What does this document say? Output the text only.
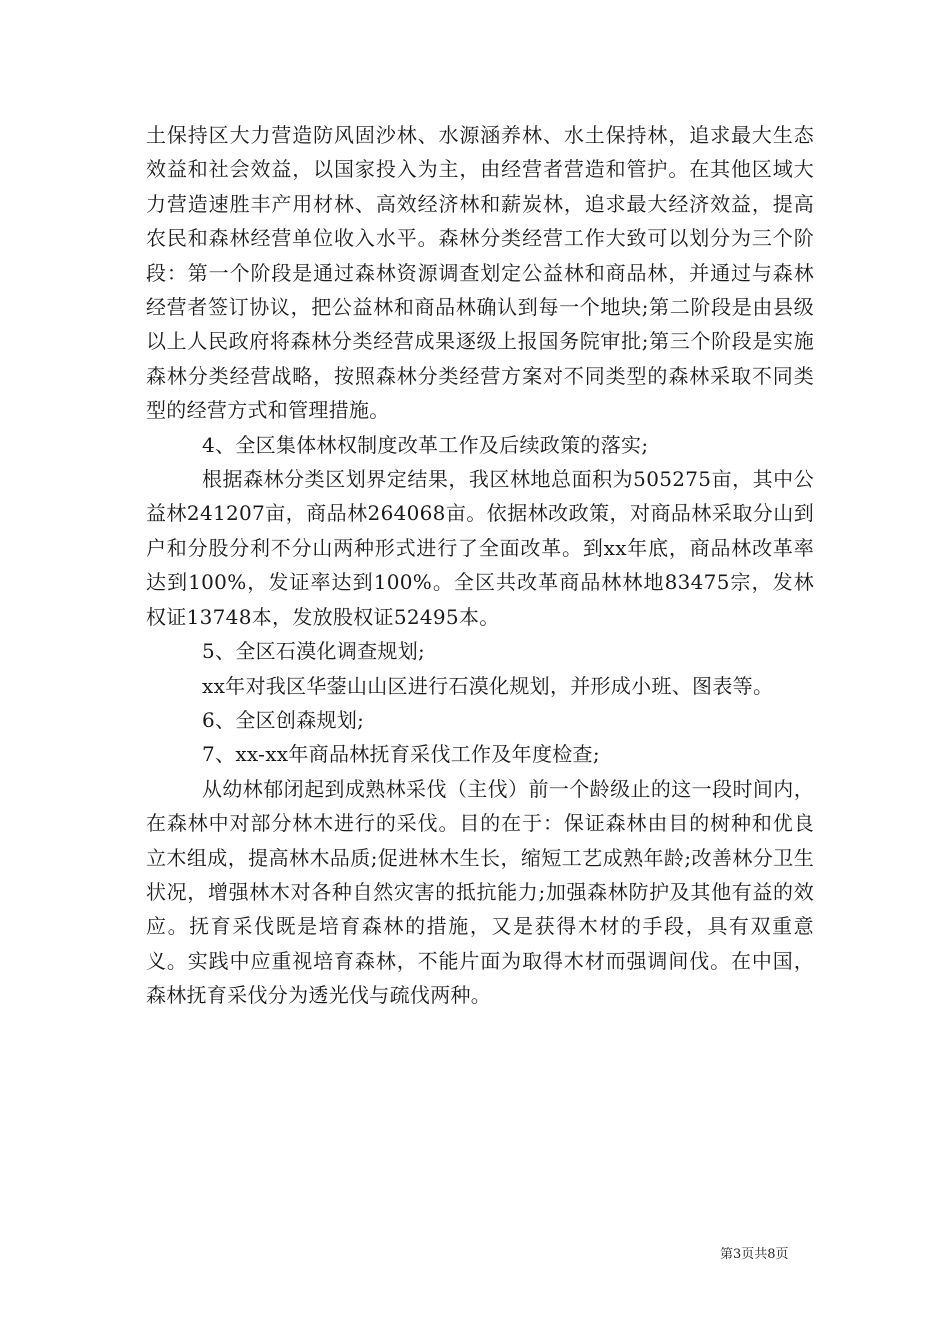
土保持区大力营造防风固沙林、水源涵养林、水土保持林，追求最大生态效益和社会效益，以国家投入为主，由经营者营造和管护。在其他区域大力营造速胜丰产用材林、高效经济林和薪炭林，追求最大经济效益，提高农民和森林经营单位收入水平。森林分类经营工作大致可以划分为三个阶段：第一个阶段是通过森林资源调查划定公益林和商品林，并通过与森林经营者签订协议，把公益林和商品林确认到每一个地块;第二阶段是由县级以上人民政府将森林分类经营成果逐级上报国务院审批;第三个阶段是实施森林分类经营战略，按照森林分类经营方案对不同类型的森林采取不同类型的经营方式和管理措施。

4、全区集体林权制度改革工作及后续政策的落实;

根据森林分类区划界定结果，我区林地总面积为505275亩，其中公益林241207亩，商品林264068亩。依据林改政策，对商品林采取分山到户和分股分利不分山两种形式进行了全面改革。到xx年底，商品林改革率达到100%，发证率达到100%。全区共改革商品林林地83475宗，发林权证13748本，发放股权证52495本。

5、全区石漠化调查规划;

xx年对我区华蓥山山区进行石漠化规划，并形成小班、图表等。

6、全区创森规划;

7、xx-xx年商品林抚育采伐工作及年度检查;

从幼林郁闭起到成熟林采伐（主伐）前一个龄级止的这一段时间内，在森林中对部分林木进行的采伐。目的在于：保证森林由目的树种和优良立木组成，提高林木品质;促进林木生长，缩短工艺成熟年龄;改善林分卫生状况，增强林木对各种自然灾害的抵抗能力;加强森林防护及其他有益的效应。抚育采伐既是培育森林的措施，又是获得木材的手段，具有双重意义。实践中应重视培育森林，不能片面为取得木材而强调间伐。在中国，森林抚育采伐分为透光伐与疏伐两种。

第3页共8页
